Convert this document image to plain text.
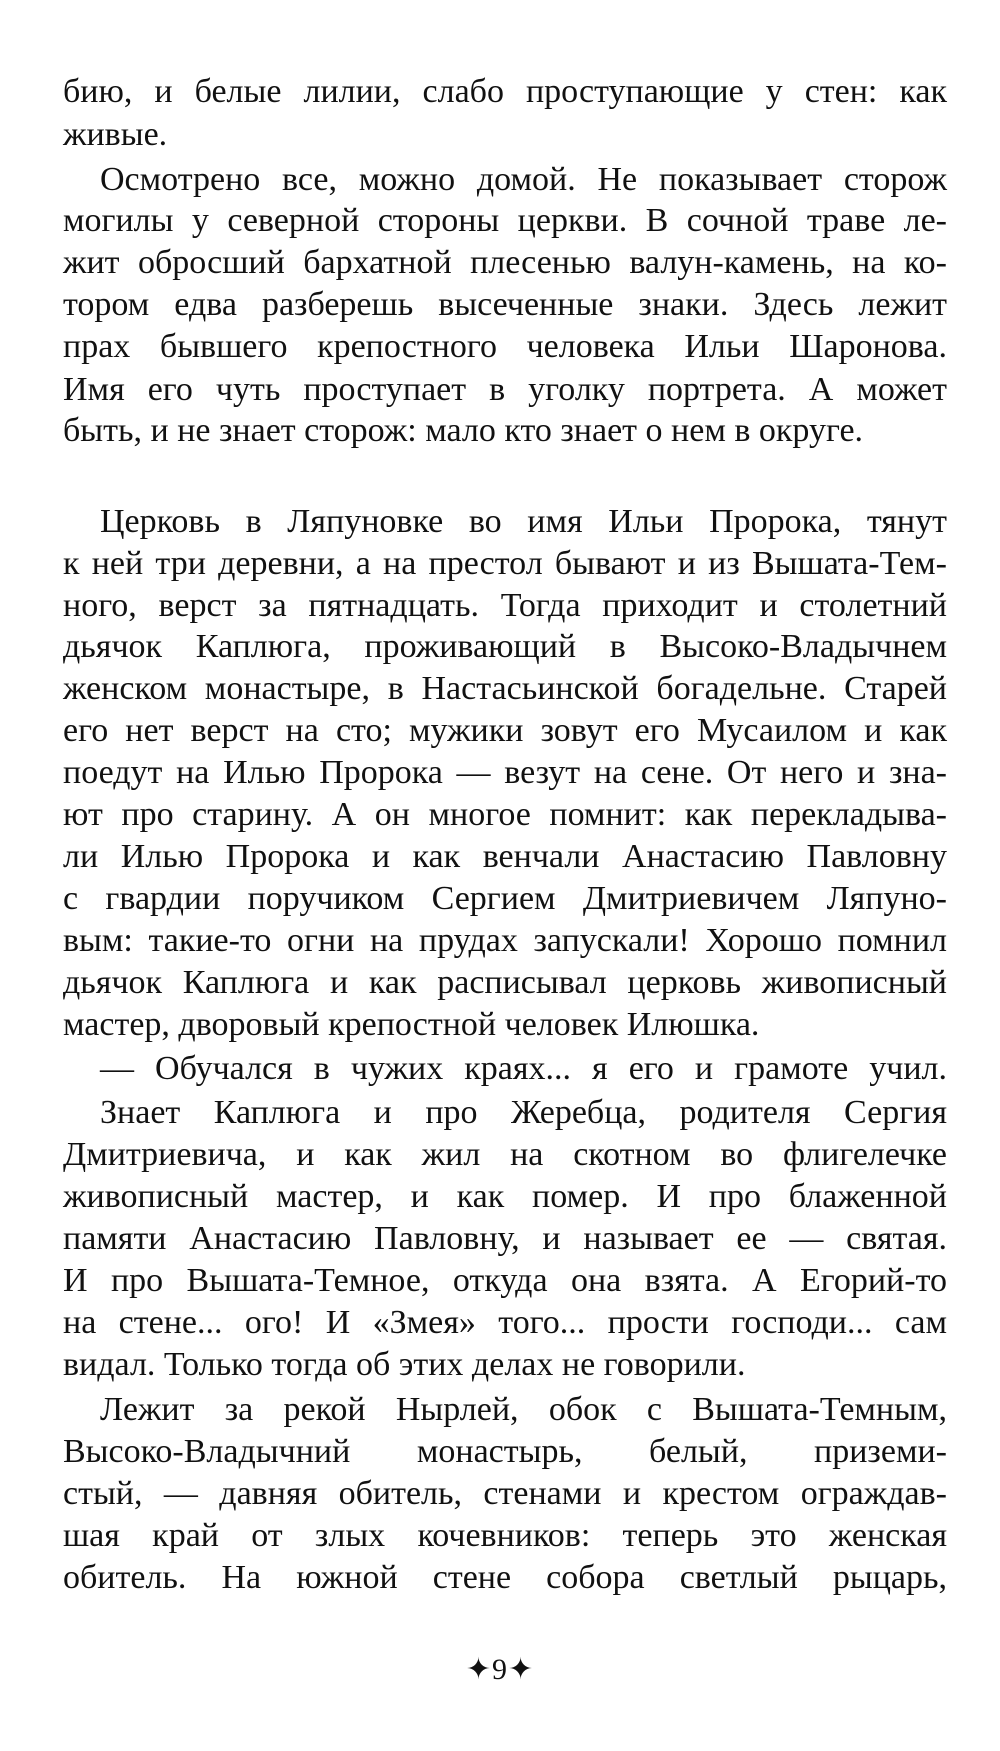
бию, и белые лилии, слабо проступающие у стен: как
живые.
Осмотрено все, можно домой. Не показывает сторож
могилы у северной стороны церкви. В сочной траве ле-
жит обросший бархатной плесенью валун-камень, на ко-
тором едва разберешь высеченные знаки. Здесь лежит
прах бывшего крепостного человека Ильи Шаронова.
Имя его чуть проступает в уголку портрета. А может
быть, и не знает сторож: мало кто знает о нем в округе.
Церковь в Ляпуновке во имя Ильи Пророка, тянут
к ней три деревни, а на престол бывают и из Вышата-Тем-
ного, верст за пятнадцать. Тогда приходит и столетний
дьячок Каплюга, проживающий в Высоко-Владычнем
женском монастыре, в Настасьинской богадельне. Старей
его нет верст на сто; мужики зовут его Мусаилом и как
поедут на Илью Пророка — везут на сене. От него и зна-
ют про старину. А он многое помнит: как перекладыва-
ли Илью Пророка и как венчали Анастасию Павловну
с гвардии поручиком Сергием Дмитриевичем Ляпуно-
вым: такие-то огни на прудах запускали! Хорошо помнил
дьячок Каплюга и как расписывал церковь живописный
мастер, дворовый крепостной человек Илюшка.
— Обучался в чужих краях... я его и грамоте учил.
Знает Каплюга и про Жеребца, родителя Сергия
Дмитриевича, и как жил на скотном во флигелечке
живописный мастер, и как помер. И про блаженной
памяти Анастасию Павловну, и называет ее — святая.
И про Вышата-Темное, откуда она взята. А Егорий-то
на стене... ого! И «Змея» того... прости господи... сам
видал. Только тогда об этих делах не говорили.
Лежит за рекой Нырлей, обок с Вышата-Темным,
Высоко-Владычний монастырь, белый, приземи-
стый, — давняя обитель, стенами и крестом ограждав-
шая край от злых кочевников: теперь это женская
обитель. На южной стене собора светлый рыцарь,
✦9✦
